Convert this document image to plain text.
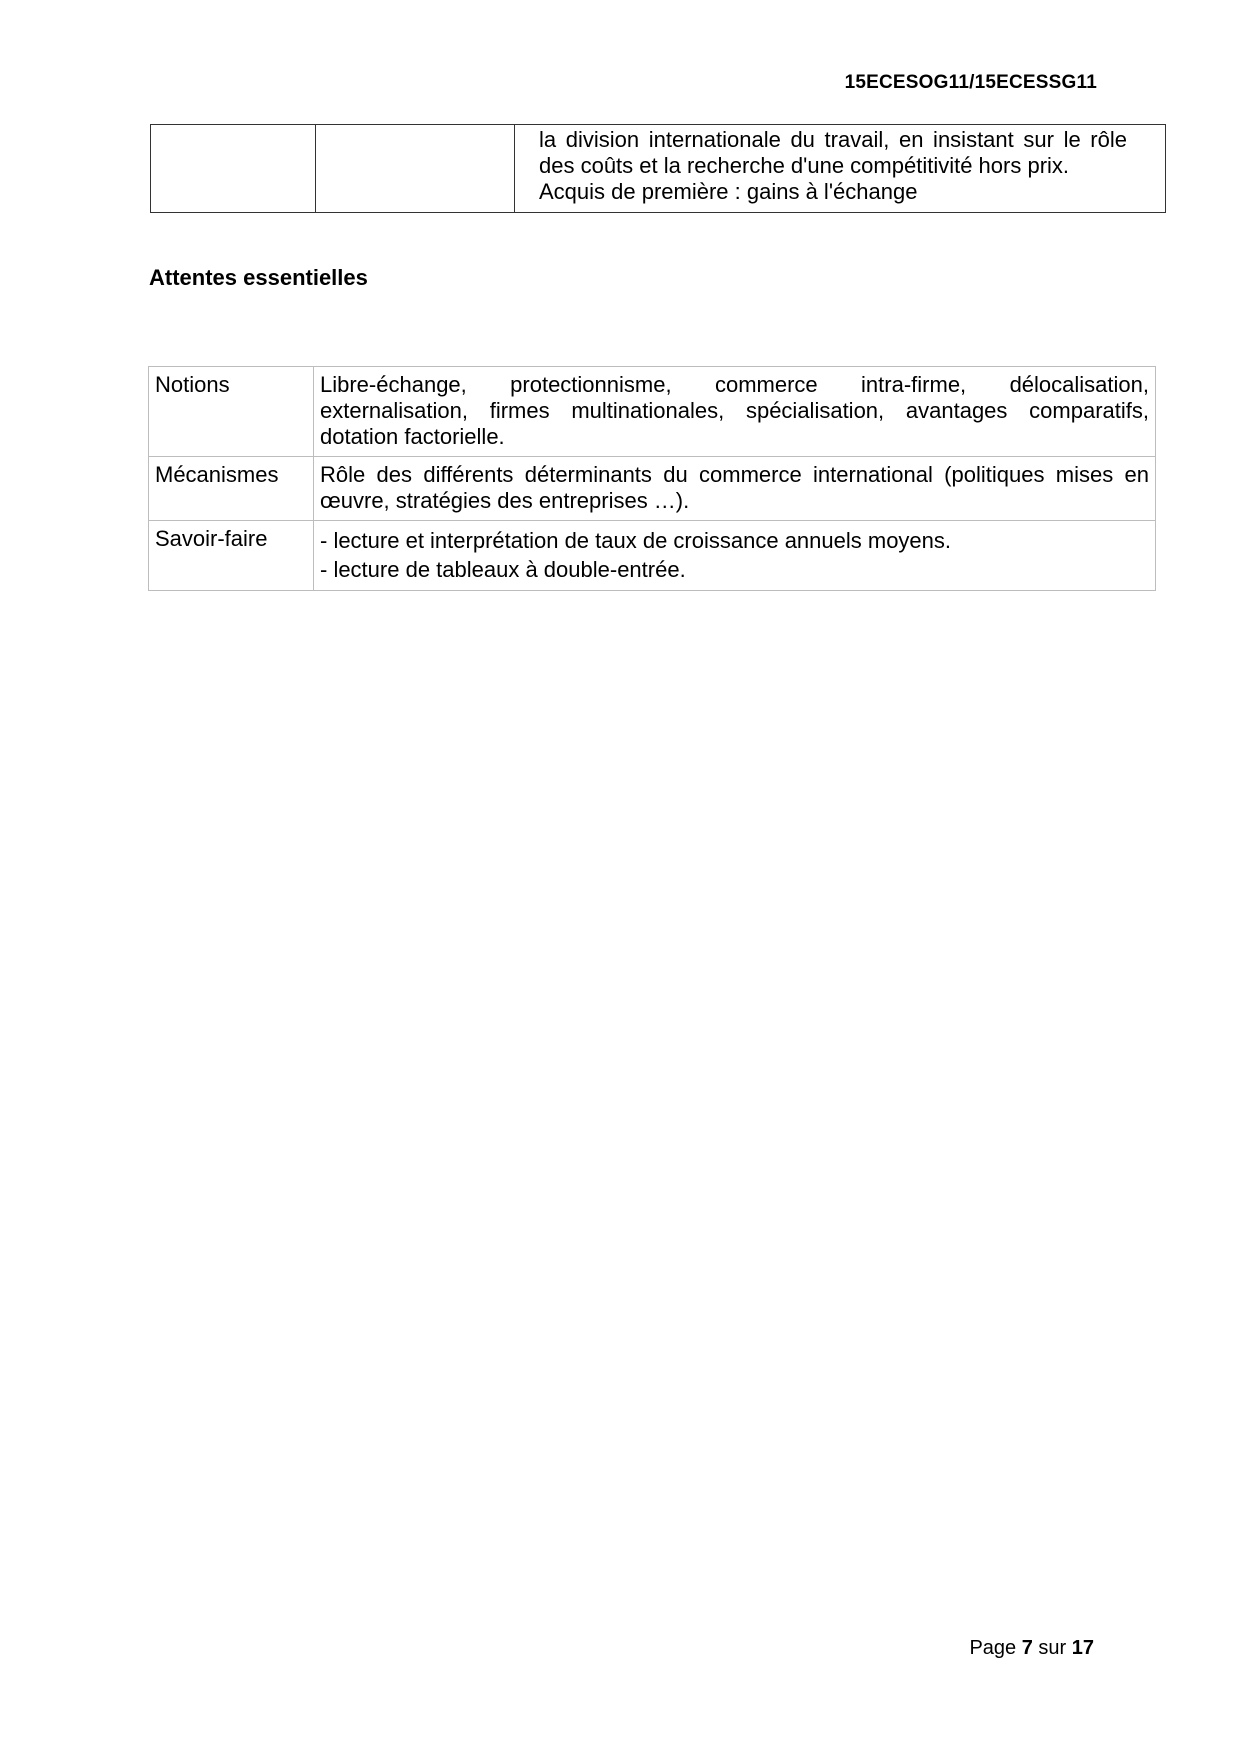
15ECESOG11/15ECESSG11

la division internationale du travail, en insistant sur le rôle des coûts et la recherche d'une compétitivité hors prix.
Acquis de première : gains à l'échange
Attentes essentielles
Notions	Libre-échange, protectionnisme, commerce intra-firme, délocalisation, externalisation, firmes multinationales, spécialisation, avantages comparatifs, dotation factorielle.
Mécanismes	Rôle des différents déterminants du commerce international (politiques mises en œuvre, stratégies des entreprises …).
Savoir-faire	- lecture et interprétation de taux de croissance annuels moyens.
- lecture de tableaux à double-entrée.
Page 7 sur 17
